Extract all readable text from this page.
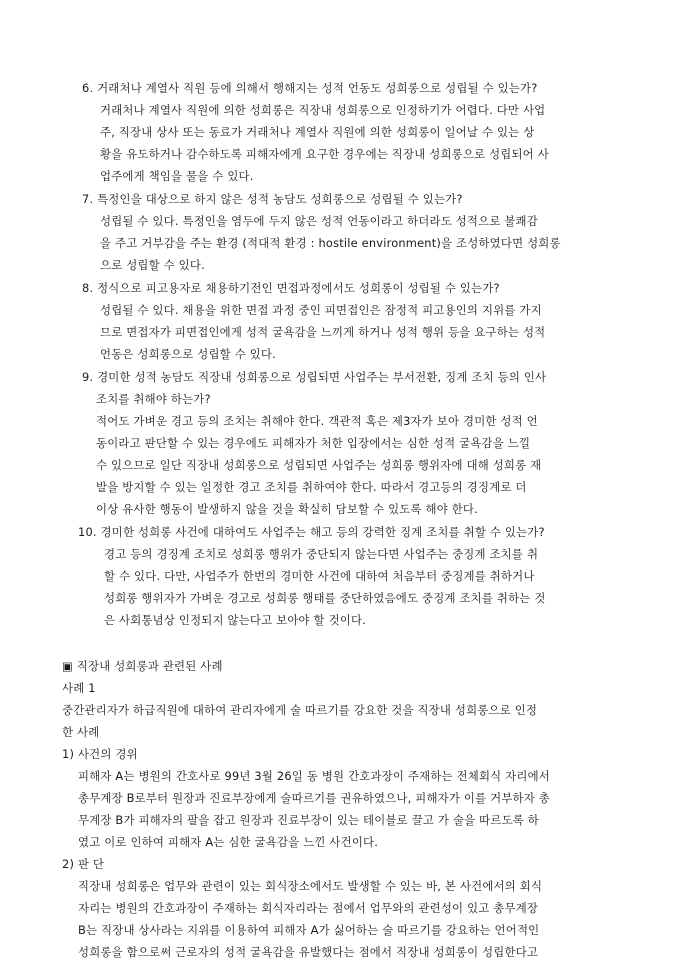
6. 거래처나 계열사 직원 등에 의해서 행해지는 성적 언동도 성희롱으로 성립될 수 있는가?
거래처나 계열사 직원에 의한 성희롱은 직장내 성희롱으로 인정하기가 어렵다. 다만 사업
주, 직장내 상사 또는 동료가 거래처나 계열사 직원에 의한 성희롱이 일어날 수 있는 상
황을 유도하거나 감수하도록 피해자에게 요구한 경우에는 직장내 성희롱으로 성립되어 사
업주에게 책임을 물을 수 있다.
7. 특정인을 대상으로 하지 않은 성적 농담도 성희롱으로 성립될 수 있는가?
성립될 수 있다. 특정인을 염두에 두지 않은 성적 언동이라고 하더라도 성적으로 불쾌감
을 주고 거부감을 주는 환경 (적대적 환경 : hostile environment)을 조성하였다면 성희롱
으로 성립할 수 있다.
8. 정식으로 피고용자로 채용하기전인 면접과정에서도 성희롱이 성립될 수 있는가?
성립될 수 있다. 채용을 위한 면접 과정 중인 피면접인은 잠정적 피고용인의 지위를 가지
므로 면접자가 피면접인에게 성적 굴욕감을 느끼게 하거나 성적 행위 등을 요구하는 성적
언동은 성희롱으로 성립할 수 있다.
9. 경미한 성적 농담도 직장내 성희롱으로 성립되면 사업주는 부서전환, 징계 조치 등의 인사
조치를 취해야 하는가?
적어도 가벼운 경고 등의 조치는 취해야 한다. 객관적 혹은 제3자가 보아 경미한 성적 언
동이라고 판단할 수 있는 경우에도 피해자가 처한 입장에서는 심한 성적 굴욕감을 느낄
수 있으므로 일단 직장내 성희롱으로 성립되면 사업주는 성희롱 행위자에 대해 성희롱 재
발을 방지할 수 있는 일정한 경고 조치를 취하여야 한다. 따라서 경고등의 경징계로 더
이상 유사한 행동이 발생하지 않을 것을 확실히 담보할 수 있도록 해야 한다.
10. 경미한 성희롱 사건에 대하여도 사업주는 해고 등의 강력한 징계 조치를 취할 수 있는가?
경고 등의 경징계 조치로 성희롱 행위가 중단되지 않는다면 사업주는 중징계 조치를 취
할 수 있다. 다만, 사업주가 한번의 경미한 사건에 대하여 처음부터 중징계를 취하거나
성희롱 행위자가 가벼운 경고로 성희롱 행태를 중단하였음에도 중징계 조치를 취하는 것
은 사회통념상 인정되지 않는다고 보아야 할 것이다.
▣ 직장내 성희롱과 관련된 사례
사례 1
중간관리자가 하급직원에 대하여 관리자에게 술 따르기를 강요한 것을 직장내 성희롱으로 인정
한 사례
1) 사건의 경위
피해자 A는 병원의 간호사로 99년 3월 26일 동 병원 간호과장이 주재하는 전체회식 자리에서
총무계장 B로부터 원장과 진료부장에게 술따르기를 권유하였으나, 피해자가 이를 거부하자 총
무계장 B가 피해자의 팔을 잡고 원장과 진료부장이 있는 테이블로 끌고 가 술을 따르도록 하
였고 이로 인하여 피해자 A는 심한 굴욕감을 느낀 사건이다.
2) 판 단
직장내 성희롱은 업무와 관련이 있는 회식장소에서도 발생할 수 있는 바, 본 사건에서의 회식
자리는 병원의 간호과장이 주재하는 회식자리라는 점에서 업무와의 관련성이 있고 총무계장
B는 직장내 상사라는 지위를 이용하여 피해자 A가 싫어하는 술 따르기를 강요하는 언어적인
성희롱을 함으로써 근로자의 성적 굴욕감을 유발했다는 점에서 직장내 성희롱이 성립한다고
